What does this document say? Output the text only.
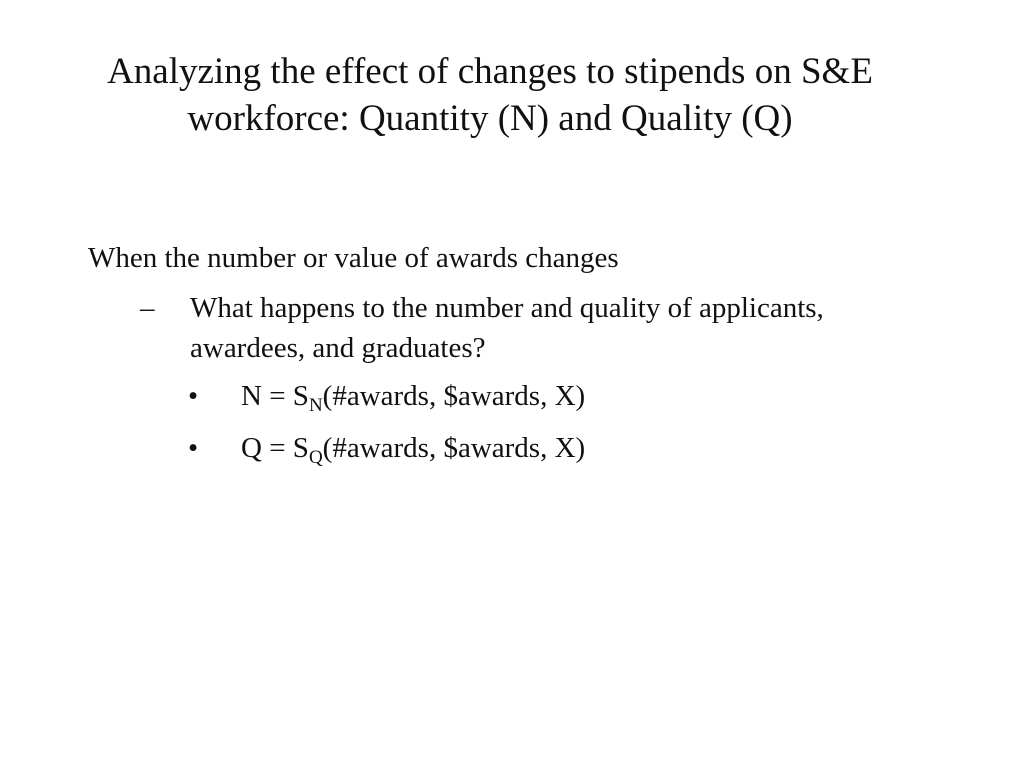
Analyzing the effect of changes to stipends on S&E
workforce: Quantity (N) and Quality (Q)
When the number or value of awards changes
– What happens to the number and quality of applicants, awardees, and graduates?
• $N = S_N(\#awards$, $awards, X)
• $Q = S_Q(\#awards$, $awards, X)
